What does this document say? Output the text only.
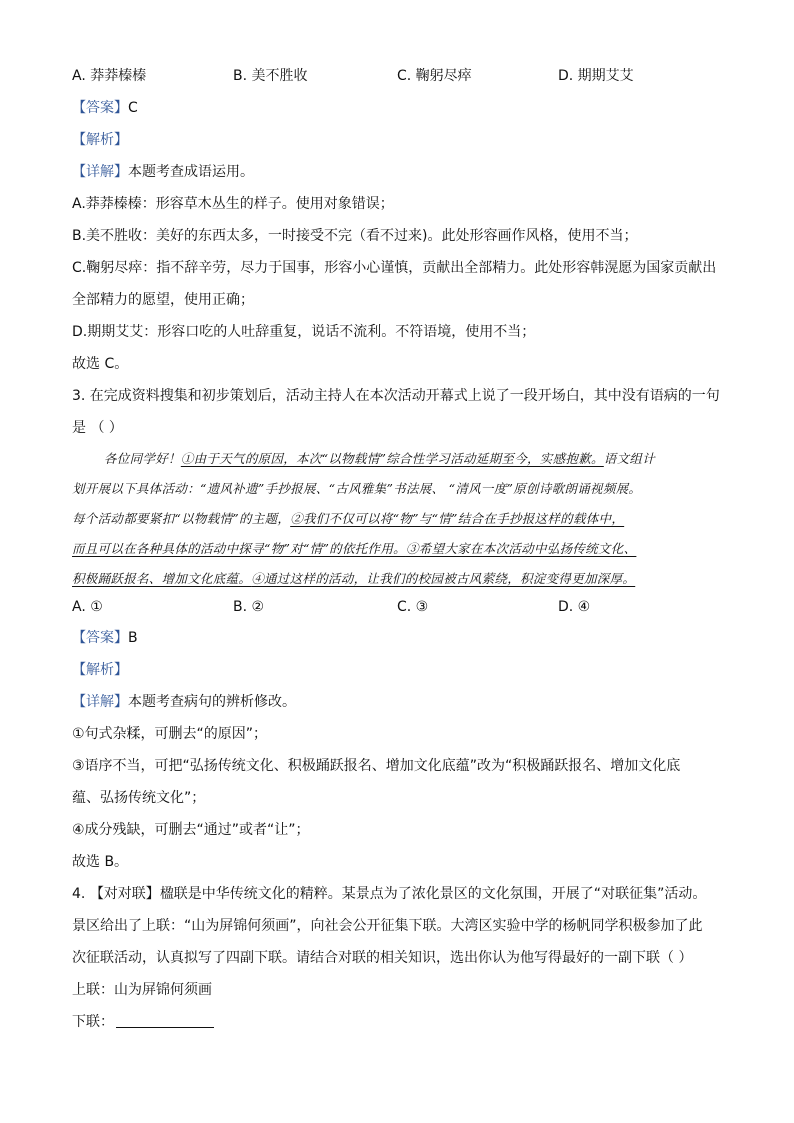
A. 莽莽榛榛	B. 美不胜收	C. 鞠躬尽瘁	D. 期期艾艾
【答案】C
【解析】
【详解】本题考查成语运用。
A.莽莽榛榛：形容草木丛生的样子。使用对象错误；
B.美不胜收：美好的东西太多，一时接受不完（看不过来)。此处形容画作风格，使用不当；
C.鞠躬尽瘁：指不辞辛劳，尽力于国事，形容小心谨慎，贡献出全部精力。此处形容韩滉愿为国家贡献出
全部精力的愿望，使用正确；
D.期期艾艾：形容口吃的人吐辞重复，说话不流利。不符语境，使用不当；
故选 C。
3. 在完成资料搜集和初步策划后，活动主持人在本次活动开幕式上说了一段开场白，其中没有语病的一句
是 （ ）
各位同学好！①由于天气的原因，本次“以物载情”综合性学习活动延期至今，实感抱歉。语文组计
划开展以下具体活动：“遗风补遗”手抄报展、“古风雅集”书法展、 “清风一度”原创诗歌朗诵视频展。
每个活动都要紧扣“以物载情”的主题，②我们不仅可以将“物”与“情”结合在手抄报这样的载体中，
而且可以在各种具体的活动中探寻“物”对“情”的依托作用。③希望大家在本次活动中弘扬传统文化、
积极踊跃报名、增加文化底蕴。④通过这样的活动，让我们的校园被古风萦绕，积淀变得更加深厚。
A. ①	B. ②	C. ③	D. ④
【答案】B
【解析】
【详解】本题考查病句的辨析修改。
①句式杂糅，可删去“的原因”；
③语序不当，可把“弘扬传统文化、积极踊跃报名、增加文化底蕴”改为“积极踊跃报名、增加文化底
蕴、弘扬传统文化”；
④成分残缺，可删去“通过”或者“让”；
故选 B。
4. 【对对联】楹联是中华传统文化的精粹。某景点为了浓化景区的文化氛围，开展了“对联征集”活动。
景区给出了上联：“山为屏锦何须画”，向社会公开征集下联。大湾区实验中学的杨帆同学积极参加了此
次征联活动，认真拟写了四副下联。请结合对联的相关知识，选出你认为他写得最好的一副下联（ ）
上联：山为屏锦何须画
下联：
